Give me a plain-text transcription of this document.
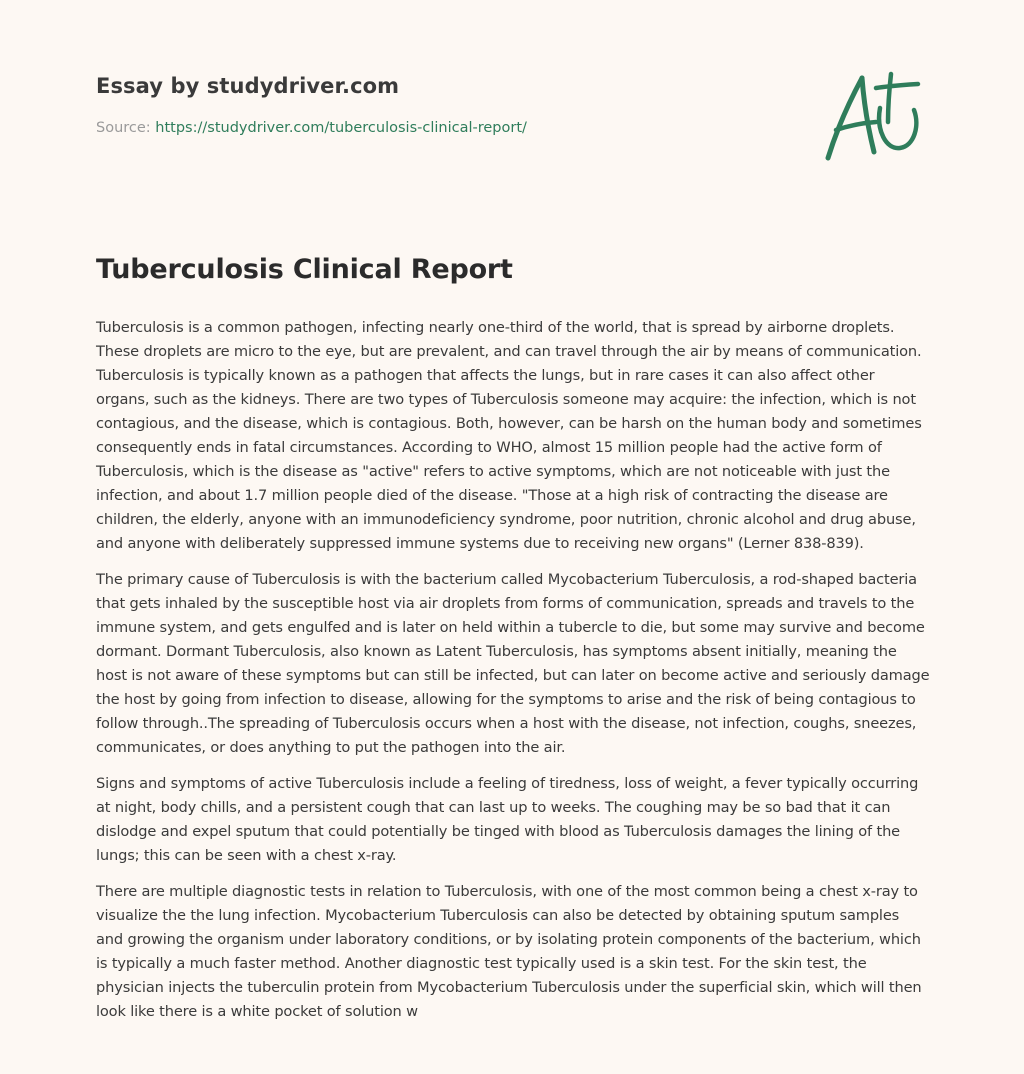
Essay by studydriver.com
Source: https://studydriver.com/tuberculosis-clinical-report/
Tuberculosis Clinical Report

Tuberculosis is a common pathogen, infecting nearly one-third of the world, that is spread by airborne droplets. These droplets are micro to the eye, but are prevalent, and can travel through the air by means of communication. Tuberculosis is typically known as a pathogen that affects the lungs, but in rare cases it can also affect other organs, such as the kidneys. There are two types of Tuberculosis someone may acquire: the infection, which is not contagious, and the disease, which is contagious. Both, however, can be harsh on the human body and sometimes consequently ends in fatal circumstances. According to WHO, almost 15 million people had the active form of Tuberculosis, which is the disease as "active" refers to active symptoms, which are not noticeable with just the infection, and about 1.7 million people died of the disease. "Those at a high risk of contracting the disease are children, the elderly, anyone with an immunodeficiency syndrome, poor nutrition, chronic alcohol and drug abuse, and anyone with deliberately suppressed immune systems due to receiving new organs" (Lerner 838-839).

The primary cause of Tuberculosis is with the bacterium called Mycobacterium Tuberculosis, a rod-shaped bacteria that gets inhaled by the susceptible host via air droplets from forms of communication, spreads and travels to the immune system, and gets engulfed and is later on held within a tubercle to die, but some may survive and become dormant. Dormant Tuberculosis, also known as Latent Tuberculosis, has symptoms absent initially, meaning the host is not aware of these symptoms but can still be infected, but can later on become active and seriously damage the host by going from infection to disease, allowing for the symptoms to arise and the risk of being contagious to follow through..The spreading of Tuberculosis occurs when a host with the disease, not infection, coughs, sneezes, communicates, or does anything to put the pathogen into the air.

Signs and symptoms of active Tuberculosis include a feeling of tiredness, loss of weight, a fever typically occurring at night, body chills, and a persistent cough that can last up to weeks. The coughing may be so bad that it can dislodge and expel sputum that could potentially be tinged with blood as Tuberculosis damages the lining of the lungs; this can be seen with a chest x-ray.

There are multiple diagnostic tests in relation to Tuberculosis, with one of the most common being a chest x-ray to visualize the the lung infection. Mycobacterium Tuberculosis can also be detected by obtaining sputum samples and growing the organism under laboratory conditions, or by isolating protein components of the bacterium, which is typically a much faster method. Another diagnostic test typically used is a skin test. For the skin test, the physician injects the tuberculin protein from Mycobacterium Tuberculosis under the superficial skin, which will then look like there is a white pocket of solution w
